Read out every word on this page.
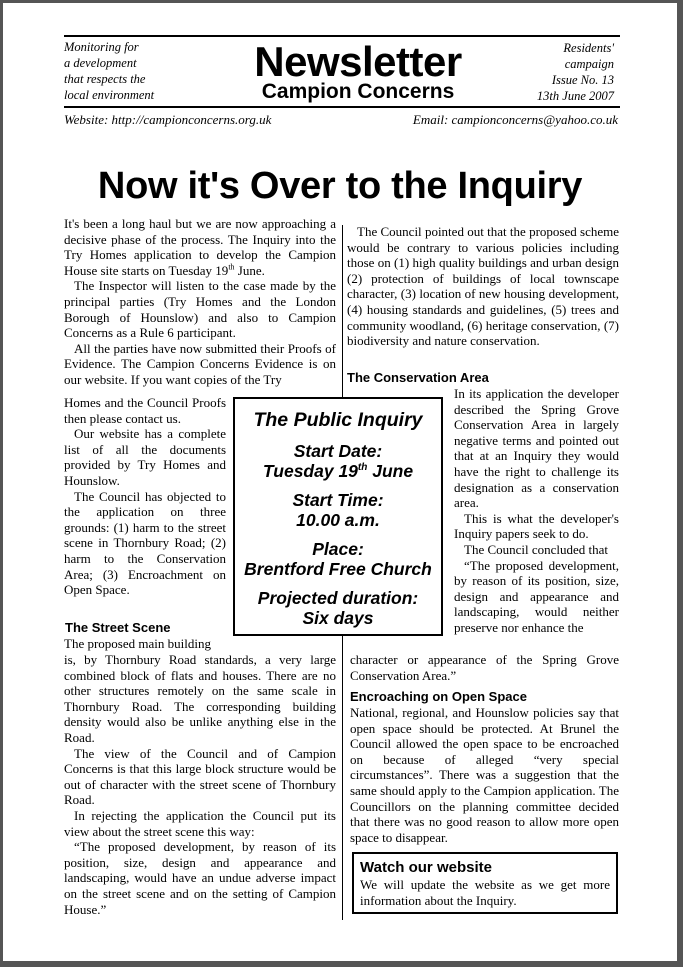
Monitoring for
a development
that respects the
local environment
Newsletter
Campion Concerns
Residents'
campaign
Issue No. 13
13th June 2007
Website: http://campionconcerns.org.uk	Email: campionconcerns@yahoo.co.uk
Now it's Over to the Inquiry

It's been a long haul but we are now approaching a decisive phase of the process. The Inquiry into the Try Homes application to develop the Campion House site starts on Tuesday 19th June.

The Inspector will listen to the case made by the principal parties (Try Homes and the London Borough of Hounslow) and also to Campion Concerns as a Rule 6 participant.

All the parties have now submitted their Proofs of Evidence. The Campion Concerns Evidence is on our website. If you want copies of the Try

Homes and the Council Proofs then please contact us.

Our website has a complete list of all the documents provided by Try Homes and Hounslow.

The Council has objected to the application on three grounds: (1) harm to the street scene in Thornbury Road; (2) harm to the Conservation Area; (3) Encroachment on Open Space.

The Street Scene

The proposed main building

is, by Thornbury Road standards, a very large combined block of flats and houses. There are no other structures remotely on the same scale in Thornbury Road. The corresponding building density would also be unlike anything else in the Road.

The view of the Council and of Campion Concerns is that this large block structure would be out of character with the street scene of Thornbury Road.

In rejecting the application the Council put its view about the street scene this way:

“The proposed development, by reason of its position, size, design and appearance and landscaping, would have an undue adverse impact on the street scene and on the setting of Campion House.”

The Council pointed out that the proposed scheme would be contrary to various policies including those on (1) high quality buildings and urban design (2) protection of buildings of local townscape character, (3) location of new housing development, (4) housing standards and guidelines, (5) trees and community woodland, (6) heritage conservation, (7) biodiversity and nature conservation.

The Conservation Area

In its application the developer described the Spring Grove Conservation Area in largely negative terms and pointed out that at an Inquiry they would have the right to challenge its designation as a conservation area.

This is what the developer's Inquiry papers seek to do.

The Council concluded that

“The proposed development, by reason of its position, size, design and appearance and landscaping, would neither preserve nor enhance the

character or appearance of the Spring Grove Conservation Area.”

Encroaching on Open Space

National, regional, and Hounslow policies say that open space should be protected. At Brunel the Council allowed the open space to be encroached on because of alleged “very special circumstances”. There was a suggestion that the same should apply to the Campion application. The Councillors on the planning committee decided that there was no good reason to allow more open space to disappear.

Watch our website
We will update the website as we get more information about the Inquiry.
The Public Inquiry
Start Date:
Tuesday 19th June
Start Time:
10.00 a.m.
Place:
Brentford Free Church
Projected duration:
Six days
